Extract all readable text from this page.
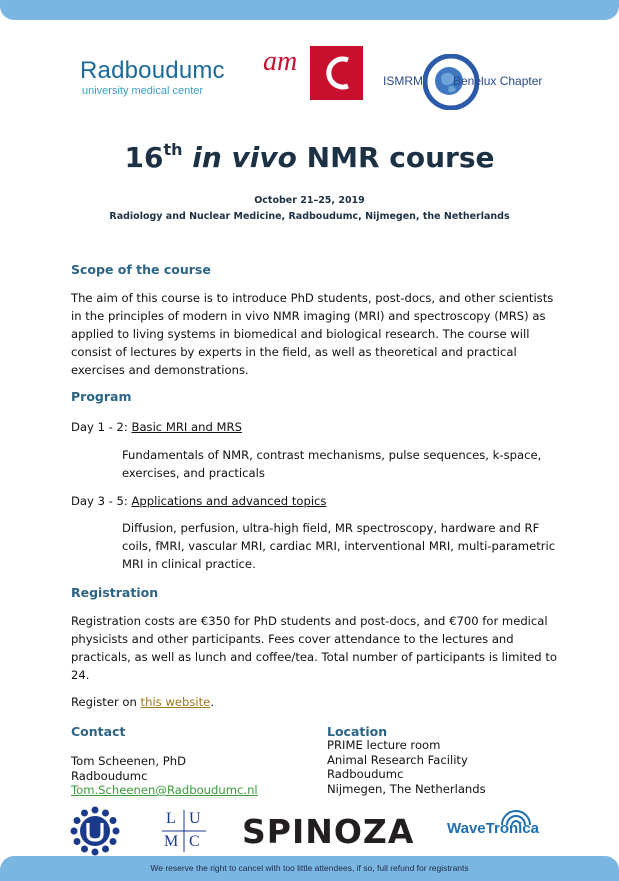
Radboudumc
university medical center
am
ISMRM	Benelux Chapter
16th in vivo NMR course
October 21–25, 2019
Radiology and Nuclear Medicine, Radboudumc, Nijmegen, the Netherlands
Scope of the course
The aim of this course is to introduce PhD students, post-docs, and other scientists in the principles of modern in vivo NMR imaging (MRI) and spectroscopy (MRS) as applied to living systems in biomedical and biological research. The course will consist of lectures by experts in the field, as well as theoretical and practical exercises and demonstrations.
Program
Day 1 - 2: Basic MRI and MRS
Fundamentals of NMR, contrast mechanisms, pulse sequences, k-space, exercises, and practicals
Day 3 - 5: Applications and advanced topics
Diffusion, perfusion, ultra-high field, MR spectroscopy, hardware and RF coils, fMRI, vascular MRI, cardiac MRI, interventional MRI, multi-parametric MRI in clinical practice.
Registration
Registration costs are €350 for PhD students and post-docs, and €700 for medical physicists and other participants. Fees cover attendance to the lectures and practicals, as well as lunch and coffee/tea. Total number of participants is limited to 24.
Register on this website.
Contact
Tom Scheenen, PhD
Radboudumc
Tom.Scheenen@Radboudumc.nl
Location
PRIME lecture room
Animal Research Facility
Radboudumc
Nijmegen, The Netherlands
L U
M C SPINOZA WaveTronica
We reserve the right to cancel with too little attendees, if so, full refund for registrants
